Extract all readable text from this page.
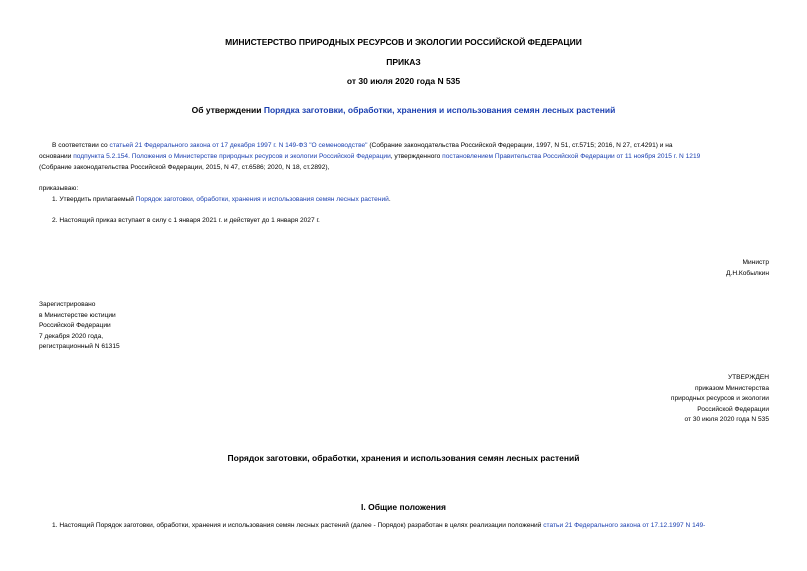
МИНИСТЕРСТВО ПРИРОДНЫХ РЕСУРСОВ И ЭКОЛОГИИ РОССИЙСКОЙ ФЕДЕРАЦИИ
ПРИКАЗ
от 30 июля 2020 года N 535
Об утверждении Порядка заготовки, обработки, хранения и использования семян лесных растений
В соответствии со статьей 21 Федерального закона от 17 декабря 1997 г. N 149-ФЗ "О семеноводстве" (Собрание законодательства Российской Федерации, 1997, N 51, ст.5715; 2016, N 27, ст.4291) и на
основании подпункта 5.2.154. Положения о Министерстве природных ресурсов и экологии Российской Федерации, утвержденного постановлением Правительства Российской Федерации от 11 ноября 2015 г. N 1219
(Собрание законодательства Российской Федерации, 2015, N 47, ст.6586; 2020, N 18, ст.2892),
приказываю:
1. Утвердить прилагаемый Порядок заготовки, обработки, хранения и использования семян лесных растений.
2. Настоящий приказ вступает в силу с 1 января 2021 г. и действует до 1 января 2027 г.
Министр
Д.Н.Кобылкин
Зарегистрировано
в Министерстве юстиции
Российской Федерации
7 декабря 2020 года,
регистрационный N 61315
УТВЕРЖДЕН
приказом Министерства
природных ресурсов и экологии
Российской Федерации
от 30 июля 2020 года N 535
Порядок заготовки, обработки, хранения и использования семян лесных растений
I. Общие положения
1. Настоящий Порядок заготовки, обработки, хранения и использования семян лесных растений (далее - Порядок) разработан в целях реализации положений статьи 21 Федерального закона от 17.12.1997 N 149-
